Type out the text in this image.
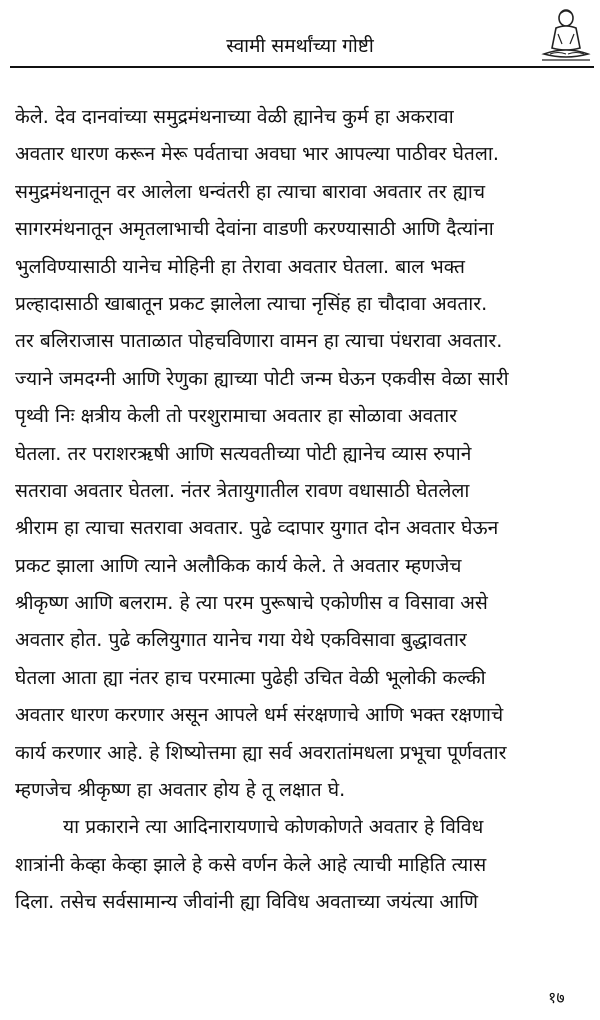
स्वामी समर्थांच्या गोष्टी
केले. देव दानवांच्या समुद्रमंथनाच्या वेळी ह्यानेच कुर्म हा अकरावा
अवतार धारण करून मेरू पर्वताचा अवघा भार आपल्या पाठीवर घेतला.
समुद्रमंथनातून वर आलेला धन्वंतरी हा त्याचा बारावा अवतार तर ह्याच
सागरमंथनातून अमृतलाभाची देवांना वाडणी करण्यासाठी आणि दैत्यांना
भुलविण्यासाठी यानेच मोहिनी हा तेरावा अवतार घेतला. बाल भक्त
प्रल्हादासाठी खाबातून प्रकट झालेला त्याचा नृसिंह हा चौदावा अवतार.
तर बलिराजास पाताळात पोहचविणारा वामन हा त्याचा पंधरावा अवतार.
ज्याने जमदग्नी आणि रेणुका ह्याच्या पोटी जन्म घेऊन एकवीस वेळा सारी
पृथ्वी निः क्षत्रीय केली तो परशुरामाचा अवतार हा सोळावा अवतार
घेतला. तर पराशरऋषी आणि सत्यवतीच्या पोटी ह्यानेच व्यास रुपाने
सतरावा अवतार घेतला. नंतर त्रेतायुगातील रावण वधासाठी घेतलेला
श्रीराम हा त्याचा सतरावा अवतार. पुढे व्दापार युगात दोन अवतार घेऊन
प्रकट झाला आणि त्याने अलौकिक कार्य केले. ते अवतार म्हणजेच
श्रीकृष्ण आणि बलराम. हे त्या परम पुरूषाचे एकोणीस व विसावा असे
अवतार होत. पुढे कलियुगात यानेच गया येथे एकविसावा बुद्धावतार
घेतला आता ह्या नंतर हाच परमात्मा पुढेही उचित वेळी भूलोकी कल्की
अवतार धारण करणार असून आपले धर्म संरक्षणाचे आणि भक्त रक्षणाचे
कार्य करणार आहे. हे शिष्योत्तमा ह्या सर्व अवरातांमधला प्रभूचा पूर्णवतार
म्हणजेच श्रीकृष्ण हा अवतार होय हे तू लक्षात घे.
या प्रकाराने त्या आदिनारायणाचे कोणकोणते अवतार हे विविध
शात्रांनी केव्हा केव्हा झाले हे कसे वर्णन केले आहे त्याची माहिति त्यास
दिला. तसेच सर्वसामान्य जीवांनी ह्या विविध अवताच्या जयंत्या आणि
१७
